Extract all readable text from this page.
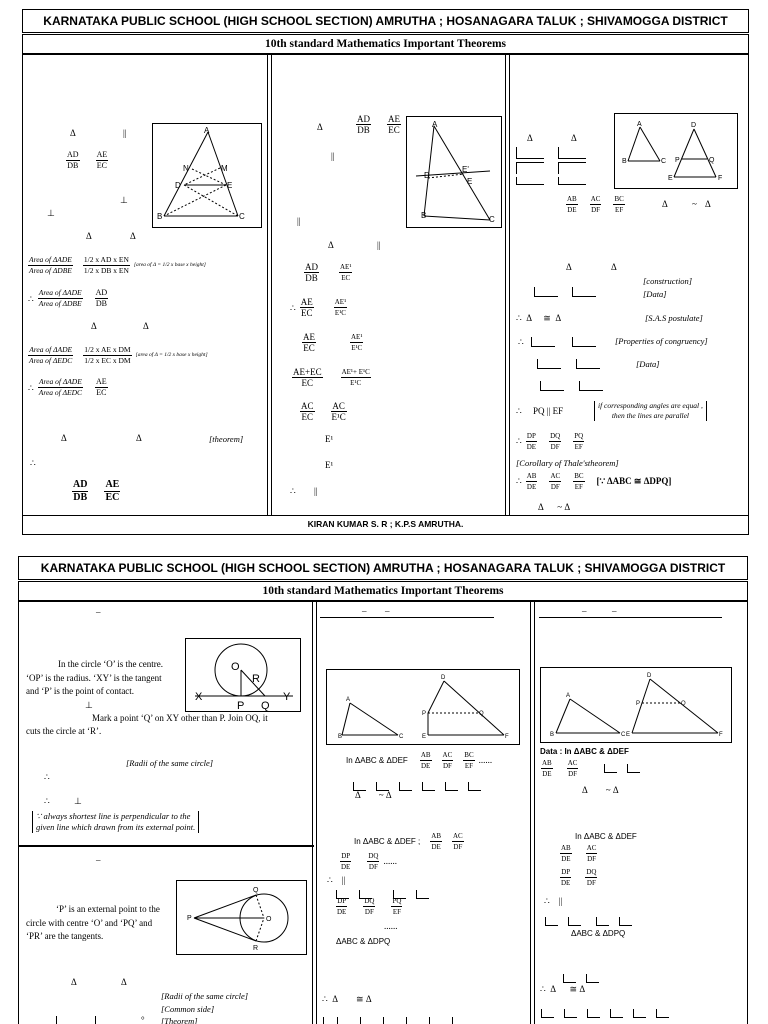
KARNATAKA PUBLIC SCHOOL (HIGH SCHOOL SECTION) AMRUTHA ; HOSANAGARA TALUK ; SHIVAMOGGA DISTRICT
10th standard Mathematics Important Theorems
KIRAN KUMAR S. R ; K.P.S AMRUTHA.
Δ	||
$\frac{AD}{DB}$
$\frac{AE}{EC}$
⊥
⊥
Δ	Δ
A
N	M
D	E
B	C
$\frac{\text{Area of ΔADE}}{\text{Area of ΔDBE}}$
$\frac{\text{1/2 x AD x EN}}{\text{1/2 x DB x EN}}$ [area of Δ = 1/2 x base x height]
∴ $\frac{\text{Area of ΔADE}}{\text{Area of ΔDBE}}$
$\frac{AD}{DB}$
Δ	Δ
$\frac{\text{Area of ΔADE}}{\text{Area of ΔEDC}}$
$\frac{\text{1/2 x AE x DM}}{\text{1/2 x EC x DM}}$ [area of Δ = 1/2 x base x height]
∴ $\frac{\text{Area of ΔADE}}{\text{Area of ΔEDC}}$
$\frac{AE}{EC}$
Δ	Δ	[theorem]
∴
$\frac{AD}{DB}$
$\frac{AE}{EC}$
Δ	$\frac{AD}{DB}$
$\frac{AE}{EC}$
||
A
D
E'
E
B	C
||
Δ	||
$\frac{AD}{DB}$
	$\frac{\text{AE¹}}{EC}$
∴ $\frac{AE}{EC}$
	$\frac{\text{AE¹}}{\text{E¹C}}$
$\frac{AE}{EC}$
	$\frac{\text{AE¹}}{\text{E¹C}}$
$\frac{AE+EC}{EC}$
	$\frac{\text{AE¹+ E¹C}}{\text{E¹C}}$
$\frac{AC}{EC}$
$\frac{AC}{\text{E¹C}}$
E¹
E¹
∴ ||
Δ	Δ
A	D
B	C P	Q
E	F
$\frac{AB}{DE}$
$\frac{AC}{DF}$
$\frac{BC}{EF}$	Δ	~ Δ
Δ	Δ
[construction]
[Data]
∴ Δ ≅ Δ	[S.A.S postulate]
∴	[Properties of congruency]
[Data]
∴ PQ || EF
if corresponding angles are equal ,
then the lines are parallel
∴ $\frac{DP}{DE}$
$\frac{DQ}{DF}$
$\frac{PQ}{EF}$
[Corollary of Thale'stheorem]
∴ $\frac{AB}{DE}$
$\frac{AC}{DF}$
$\frac{BC}{EF}$ [∵ ΔABC ≅ ΔDPQ]
Δ ~ Δ
KARNATAKA PUBLIC SCHOOL (HIGH SCHOOL SECTION) AMRUTHA ; HOSANAGARA TALUK ; SHIVAMOGGA DISTRICT
10th standard Mathematics Important Theorems
–
O
R
X
P Q
Y
In the circle ‘O’ is the centre.
‘OP’ is the radius. ‘XY’ is the tangent
and ‘P’ is the point of contact.
⊥
Mark a point ‘Q’ on XY other than P. Join OQ, it
cuts the circle at ‘R’.
[Radii of the same circle]
∴
∴	⊥
∵ always shortest line is perpendicular to the
given line which drawn from its external point.
–
Q
P	O
R
‘P’ is an external point to the
circle with centre ‘O’ and ‘PQ’ and
‘PR’ are the tangents.
Δ	Δ
[Radii of the same circle]
[Common side]
[Theorem]
°
– –
A
D
B	C
P	Q
E	F
In ΔABC & ΔDEF $\frac{AB}{DE}$
$\frac{AC}{DF}$
$\frac{BC}{EF}$ ......
Δ ~ Δ
In ΔABC & ΔDEF ; $\frac{AB}{DE}$
$\frac{AC}{DF}$
$\frac{DP}{DE}$
$\frac{DQ}{DF}$ ......
∴ ||
$\frac{DP}{DE}$
$\frac{DQ}{DF}$
$\frac{PQ}{EF}$
......
ΔABC & ΔDPQ
∴ Δ ≅ Δ
–	–
A
D
B	C
P	Q
E	F
Data : In ΔABC & ΔDEF
$\frac{AB}{DE}$
$\frac{AC}{DF}$

Δ ~ Δ
In ΔABC & ΔDEF
$\frac{AB}{DE}$
$\frac{AC}{DF}$
$\frac{DP}{DE}$
$\frac{DQ}{DF}$
∴ ||
ΔABC & ΔDPQ
∴ Δ ≅ Δ
